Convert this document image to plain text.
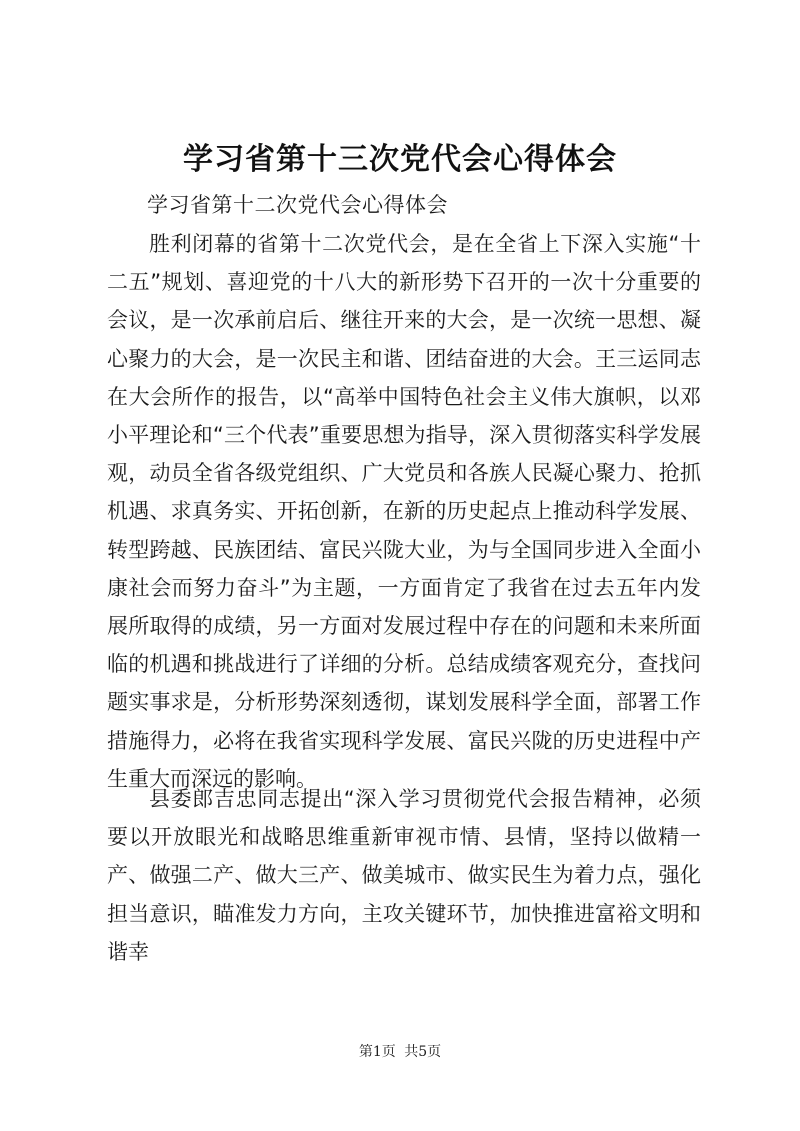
学习省第十三次党代会心得体会

学习省第十二次党代会心得体会

胜利闭幕的省第十二次党代会，是在全省上下深入实施“十二五”规划、喜迎党的十八大的新形势下召开的一次十分重要的会议，是一次承前启后、继往开来的大会，是一次统一思想、凝心聚力的大会，是一次民主和谐、团结奋进的大会。王三运同志在大会所作的报告，以“高举中国特色社会主义伟大旗帜，以邓小平理论和“三个代表”重要思想为指导，深入贯彻落实科学发展观，动员全省各级党组织、广大党员和各族人民凝心聚力、抢抓机遇、求真务实、开拓创新，在新的历史起点上推动科学发展、转型跨越、民族团结、富民兴陇大业，为与全国同步进入全面小康社会而努力奋斗”为主题，一方面肯定了我省在过去五年内发展所取得的成绩，另一方面对发展过程中存在的问题和未来所面临的机遇和挑战进行了详细的分析。总结成绩客观充分，查找问题实事求是，分析形势深刻透彻，谋划发展科学全面，部署工作措施得力，必将在我省实现科学发展、富民兴陇的历史进程中产生重大而深远的影响。

县委郎吉忠同志提出“深入学习贯彻党代会报告精神，必须要以开放眼光和战略思维重新审视市情、县情，坚持以做精一产、做强二产、做大三产、做美城市、做实民生为着力点，强化担当意识，瞄准发力方向，主攻关键环节，加快推进富裕文明和谐幸

第1页 共5页
